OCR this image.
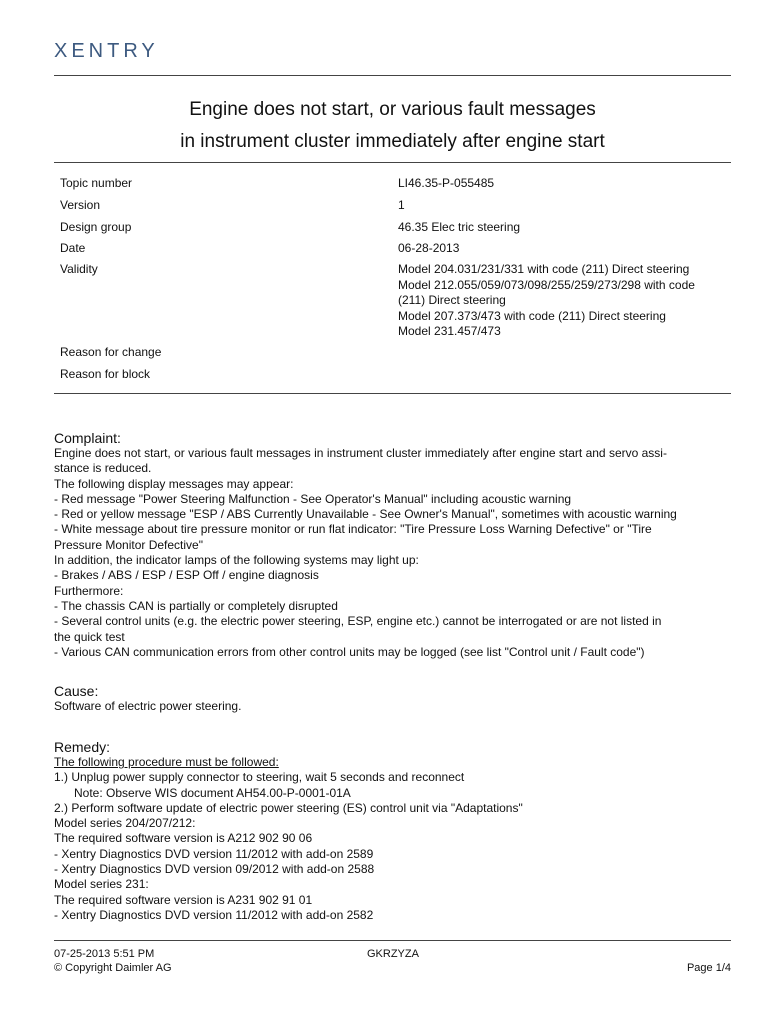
XENTRY
Engine does not start, or various fault messages
in instrument cluster immediately after engine start
Topic number	LI46.35-P-055485
Version	1
Design group	46.35 Elec tric steering
Date	06-28-2013
Validity	Model 204.031/231/331 with code (211) Direct steering
Model 212.055/059/073/098/255/259/273/298 with code
(211) Direct steering
Model 207.373/473 with code (211) Direct steering
Model 231.457/473
Reason for change
Reason for block
Complaint:
Engine does not start, or various fault messages in instrument cluster immediately after engine start and servo assi-
stance is reduced.
The following display messages may appear:
- Red message "Power Steering Malfunction - See Operator's Manual" including acoustic warning
- Red or yellow message "ESP / ABS Currently Unavailable - See Owner's Manual", sometimes with acoustic warning
- White message about tire pressure monitor or run flat indicator: "Tire Pressure Loss Warning Defective" or "Tire
Pressure Monitor Defective"
In addition, the indicator lamps of the following systems may light up:
- Brakes / ABS / ESP / ESP Off / engine diagnosis
Furthermore:
- The chassis CAN is partially or completely disrupted
- Several control units (e.g. the electric power steering, ESP, engine etc.) cannot be interrogated or are not listed in
the quick test
- Various CAN communication errors from other control units may be logged (see list "Control unit / Fault code")
Cause:
Software of electric power steering.
Remedy:
The following procedure must be followed:
1.) Unplug power supply connector to steering, wait 5 seconds and reconnect
Note: Observe WIS document AH54.00-P-0001-01A
2.) Perform software update of electric power steering (ES) control unit via "Adaptations"
Model series 204/207/212:
The required software version is A212 902 90 06
- Xentry Diagnostics DVD version 11/2012 with add-on 2589
- Xentry Diagnostics DVD version 09/2012 with add-on 2588
Model series 231:
The required software version is A231 902 91 01
- Xentry Diagnostics DVD version 11/2012 with add-on 2582
07-25-2013 5:51 PM
© Copyright Daimler AG
GKRZYZA
Page 1/4
